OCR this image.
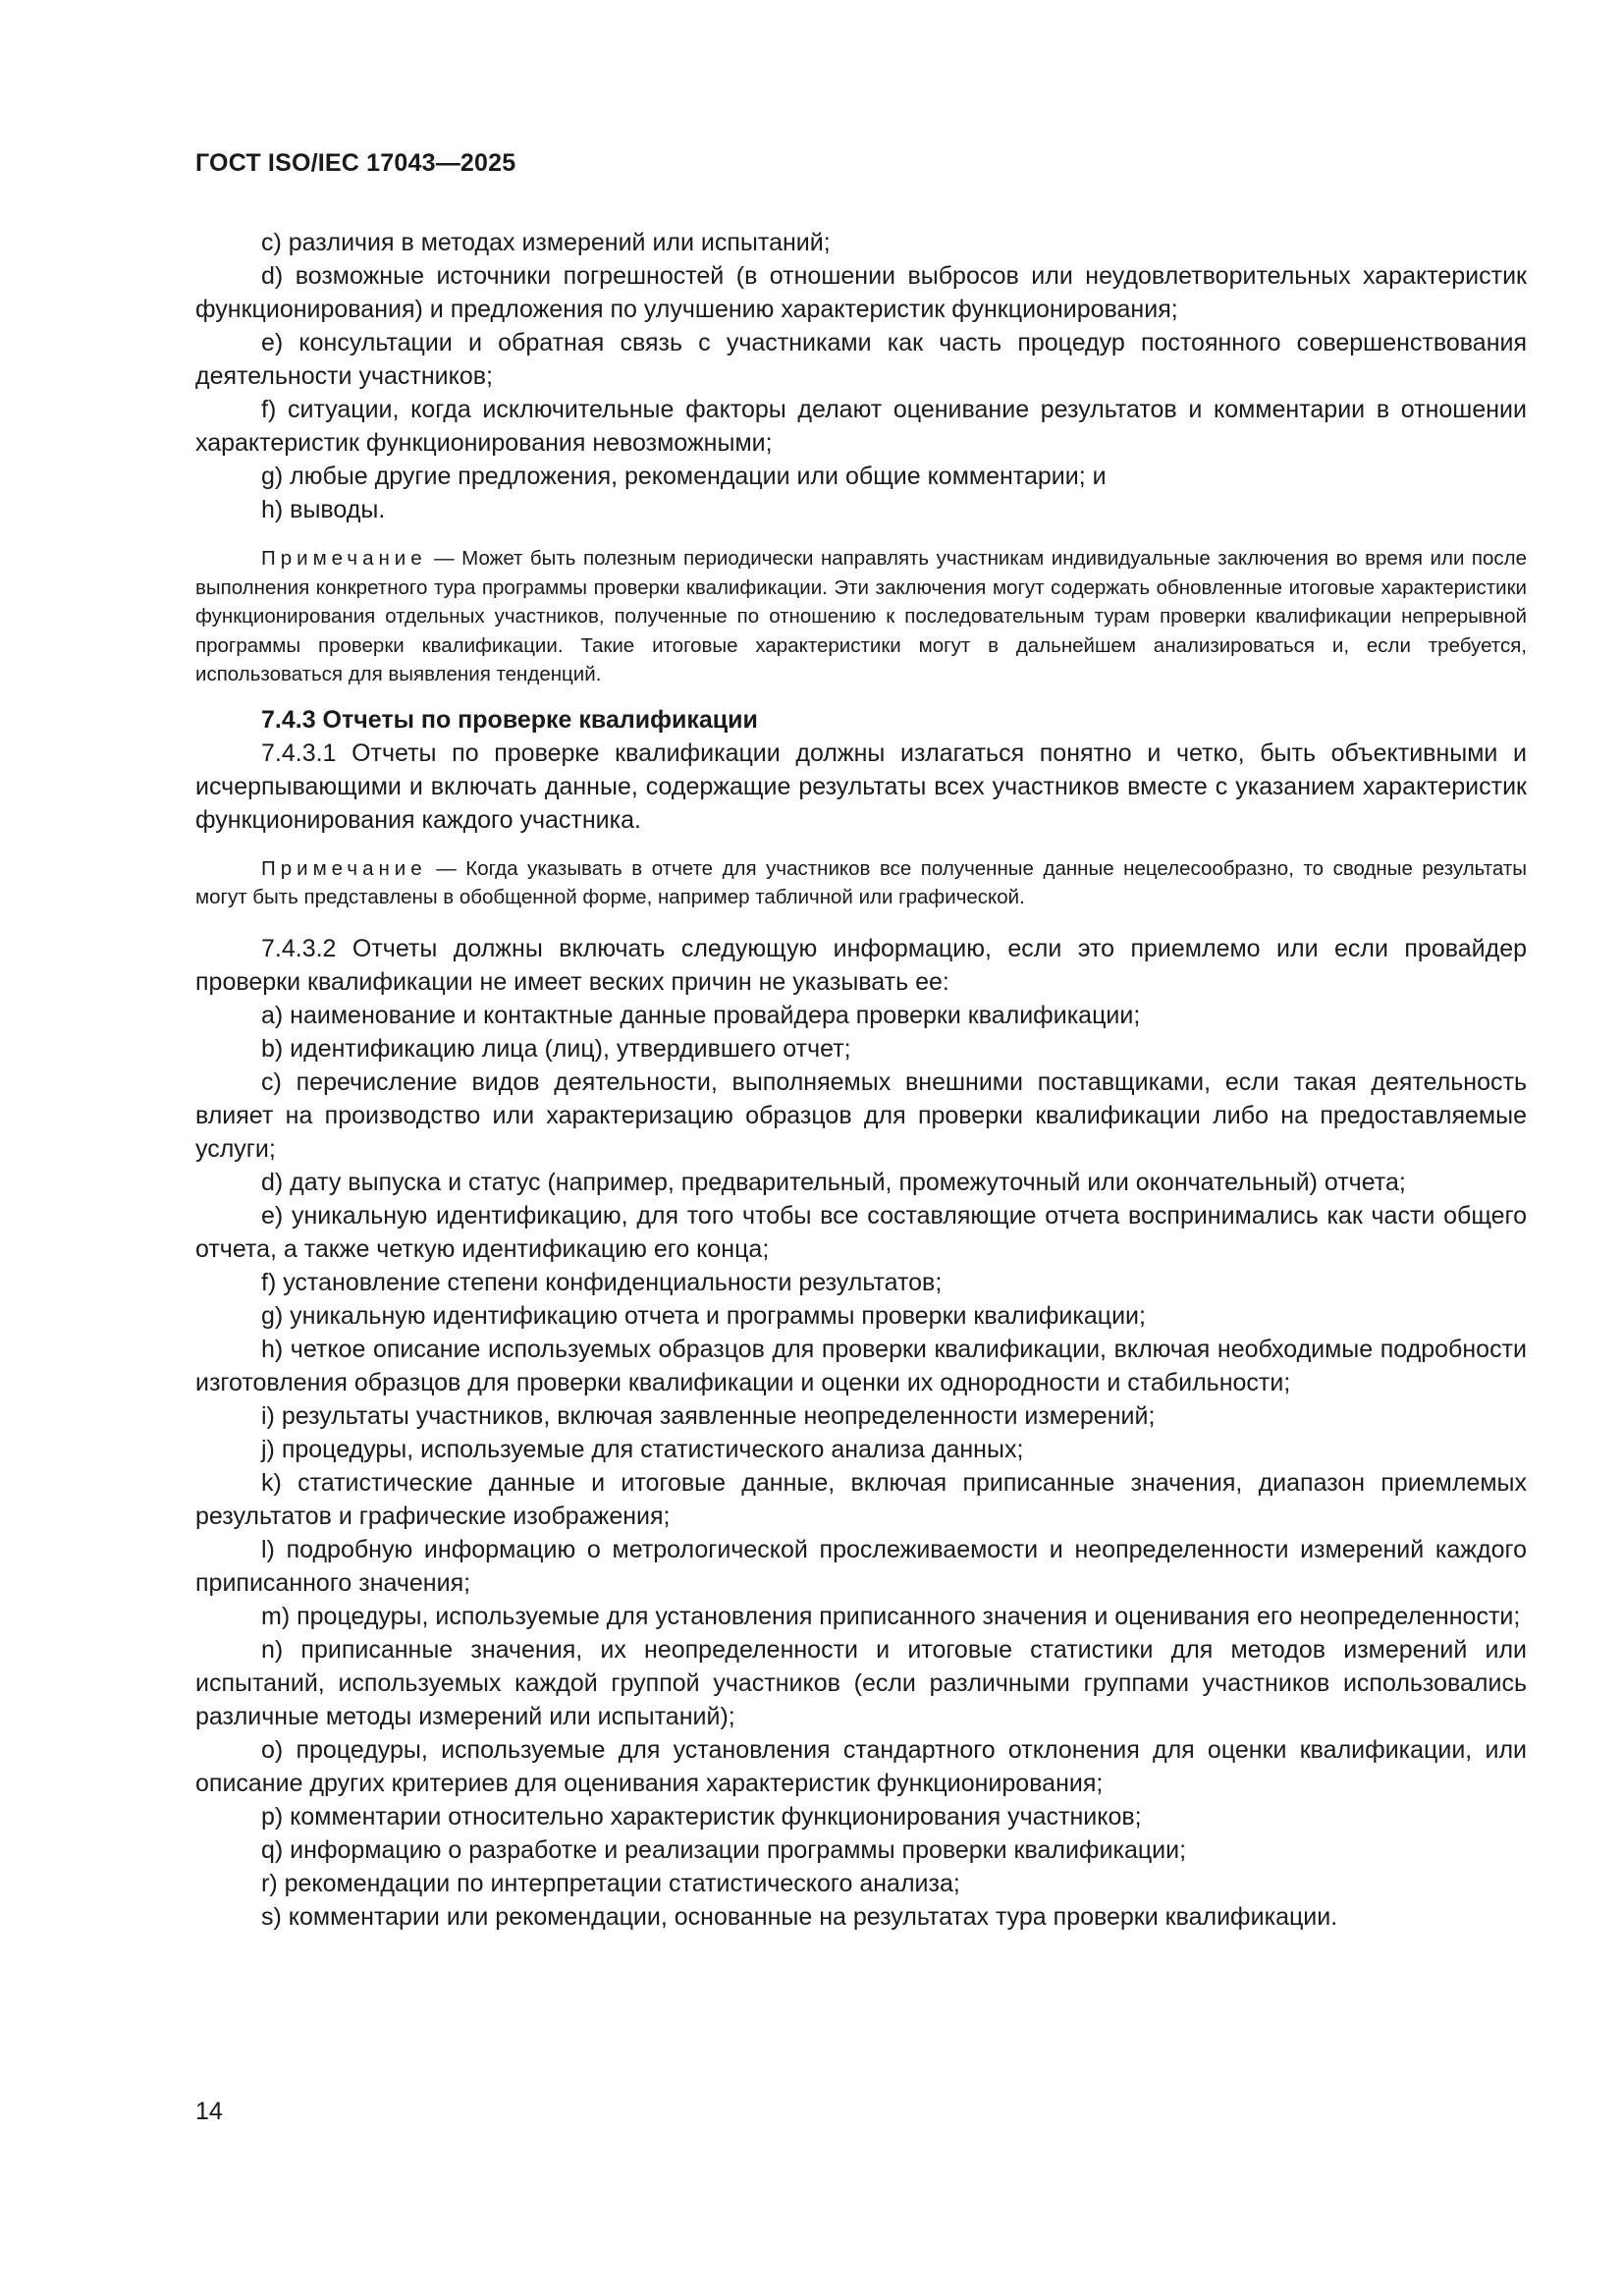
ГОСТ ISO/IEC 17043—2025

c) различия в методах измерений или испытаний;

d) возможные источники погрешностей (в отношении выбросов или неудовлетворительных характеристик функционирования) и предложения по улучшению характеристик функционирования;

e) консультации и обратная связь с участниками как часть процедур постоянного совершенствования деятельности участников;

f) ситуации, когда исключительные факторы делают оценивание результатов и комментарии в отношении характеристик функционирования невозможными;

g) любые другие предложения, рекомендации или общие комментарии; и

h) выводы.

Примечание — Может быть полезным периодически направлять участникам индивидуальные заключения во время или после выполнения конкретного тура программы проверки квалификации. Эти заключения могут содержать обновленные итоговые характеристики функционирования отдельных участников, полученные по отношению к последовательным турам проверки квалификации непрерывной программы проверки квалификации. Такие итоговые характеристики могут в дальнейшем анализироваться и, если требуется, использоваться для выявления тенденций.

7.4.3 Отчеты по проверке квалификации

7.4.3.1 Отчеты по проверке квалификации должны излагаться понятно и четко, быть объективными и исчерпывающими и включать данные, содержащие результаты всех участников вместе с указанием характеристик функционирования каждого участника.

Примечание — Когда указывать в отчете для участников все полученные данные нецелесообразно, то сводные результаты могут быть представлены в обобщенной форме, например табличной или графической.

7.4.3.2 Отчеты должны включать следующую информацию, если это приемлемо или если провайдер проверки квалификации не имеет веских причин не указывать ее:

a) наименование и контактные данные провайдера проверки квалификации;

b) идентификацию лица (лиц), утвердившего отчет;

c) перечисление видов деятельности, выполняемых внешними поставщиками, если такая деятельность влияет на производство или характеризацию образцов для проверки квалификации либо на предоставляемые услуги;

d) дату выпуска и статус (например, предварительный, промежуточный или окончательный) отчета;

e) уникальную идентификацию, для того чтобы все составляющие отчета воспринимались как части общего отчета, а также четкую идентификацию его конца;

f) установление степени конфиденциальности результатов;

g) уникальную идентификацию отчета и программы проверки квалификации;

h) четкое описание используемых образцов для проверки квалификации, включая необходимые подробности изготовления образцов для проверки квалификации и оценки их однородности и стабильности;

i) результаты участников, включая заявленные неопределенности измерений;

j) процедуры, используемые для статистического анализа данных;

k) статистические данные и итоговые данные, включая приписанные значения, диапазон приемлемых результатов и графические изображения;

l) подробную информацию о метрологической прослеживаемости и неопределенности измерений каждого приписанного значения;

m) процедуры, используемые для установления приписанного значения и оценивания его неопределенности;

n) приписанные значения, их неопределенности и итоговые статистики для методов измерений или испытаний, используемых каждой группой участников (если различными группами участников использовались различные методы измерений или испытаний);

o) процедуры, используемые для установления стандартного отклонения для оценки квалификации, или описание других критериев для оценивания характеристик функционирования;

p) комментарии относительно характеристик функционирования участников;

q) информацию о разработке и реализации программы проверки квалификации;

r) рекомендации по интерпретации статистического анализа;

s) комментарии или рекомендации, основанные на результатах тура проверки квалификации.

14
